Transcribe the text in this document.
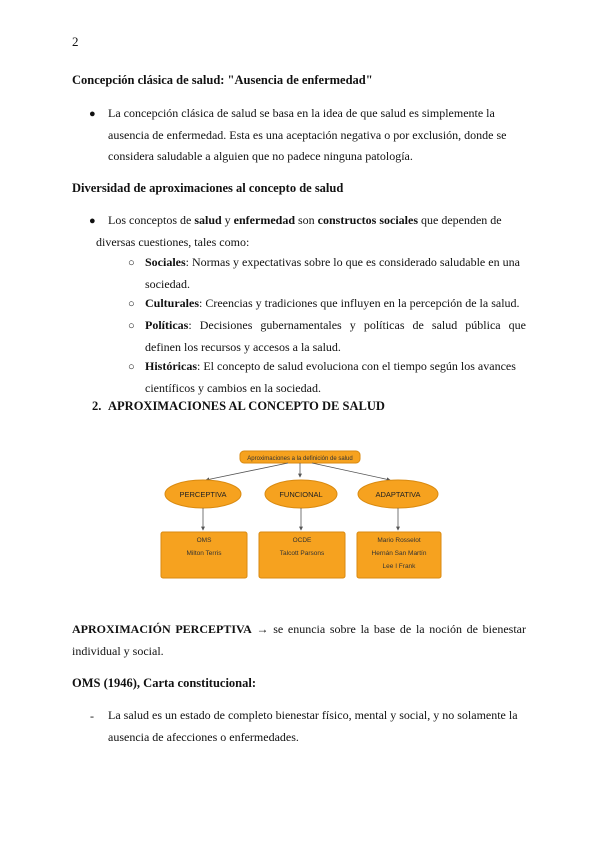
2
Concepción clásica de salud: "Ausencia de enfermedad"
● La concepción clásica de salud se basa en la idea de que salud es simplemente la
ausencia de enfermedad. Esta es una aceptación negativa o por exclusión, donde se
considera saludable a alguien que no padece ninguna patología.
Diversidad de aproximaciones al concepto de salud
● Los conceptos de salud y enfermedad son constructos sociales que dependen de
diversas cuestiones, tales como:
○ Sociales: Normas y expectativas sobre lo que es considerado saludable en una
sociedad.
○ Culturales: Creencias y tradiciones que influyen en la percepción de la salud.
○ Políticas: Decisiones gubernamentales y políticas de salud pública que
definen los recursos y accesos a la salud.
○ Históricas: El concepto de salud evoluciona con el tiempo según los avances
científicos y cambios en la sociedad.
2. APROXIMACIONES AL CONCEPTO DE SALUD
Aproximaciones a la definición de salud
PERCEPTIVA	FUNCIONAL	ADAPTATIVA
OMS
Milton Terris
OCDE
Talcott Parsons
Mario Rosselot
Hernán San Martín
Lee I Frank
APROXIMACIÓN PERCEPTIVA → se enuncia sobre la base de la noción de bienestar
individual y social.
OMS (1946), Carta constitucional:
- La salud es un estado de completo bienestar físico, mental y social, y no solamente la
ausencia de afecciones o enfermedades.
